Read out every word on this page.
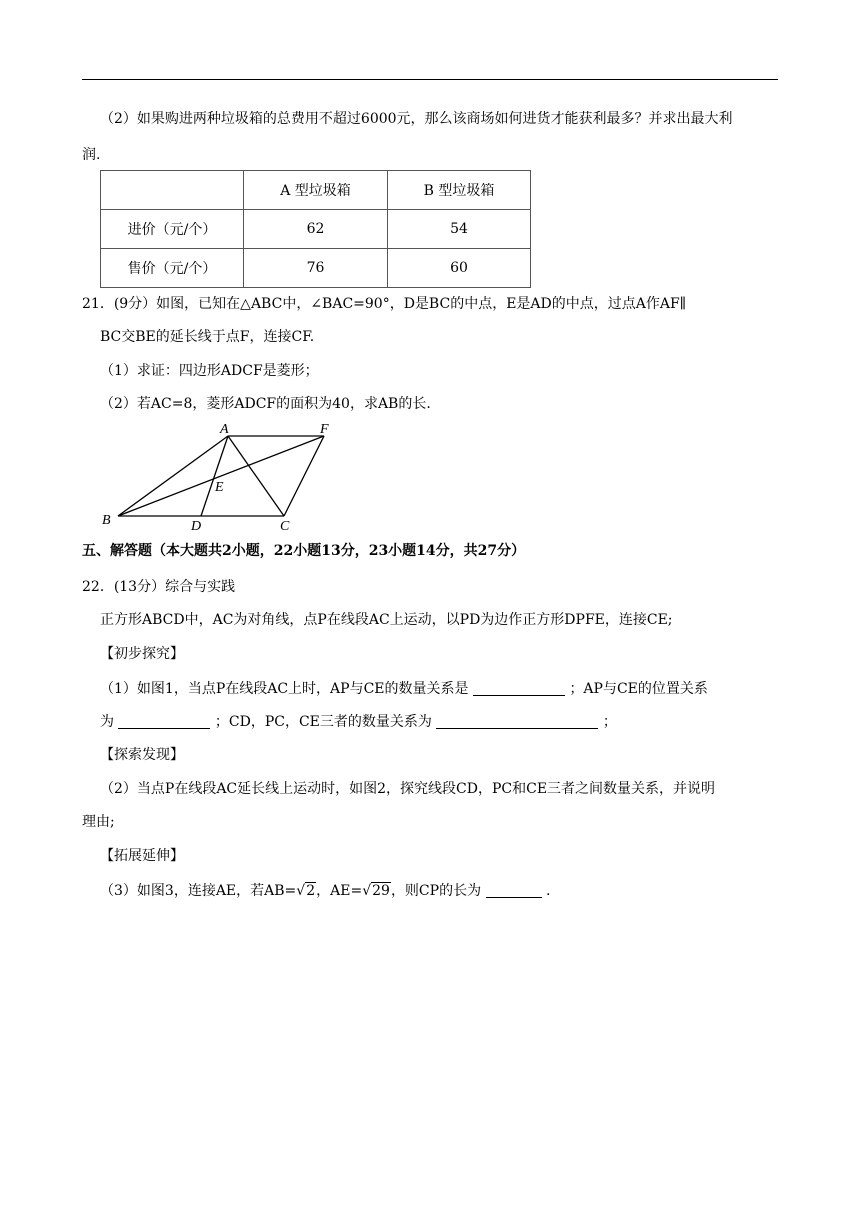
（2）如果购进两种垃圾箱的总费用不超过6000元，那么该商场如何进货才能获利最多？并求出最大利
润.
	A 型垃圾箱	B 型垃圾箱
进价（元/个）	62	54
售价（元/个）	76	60
21．(9分）如图，已知在△ABC中，∠BAC=90°，D是BC的中点，E是AD的中点，过点A作AF∥
BC交BE的延长线于点F，连接CF.
（1）求证：四边形ADCF是菱形；
（2）若AC=8，菱形ADCF的面积为40，求AB的长.
A	F
E
B	D	C
五、解答题（本大题共2小题，22小题13分，23小题14分，共27分）
22．(13分）综合与实践
正方形ABCD中，AC为对角线，点P在线段AC上运动，以PD为边作正方形DPFE，连接CE;
【初步探究】
（1）如图1，当点P在线段AC上时，AP与CE的数量关系是	；AP与CE的位置关系
为	；CD，PC，CE三者的数量关系为	；
【探索发现】
（2）当点P在线段AC延长线上运动时，如图2，探究线段CD，PC和CE三者之间数量关系，并说明
理由;
【拓展延伸】
（3）如图3，连接AE，若AB=√2，AE=√29，则CP的长为	.
